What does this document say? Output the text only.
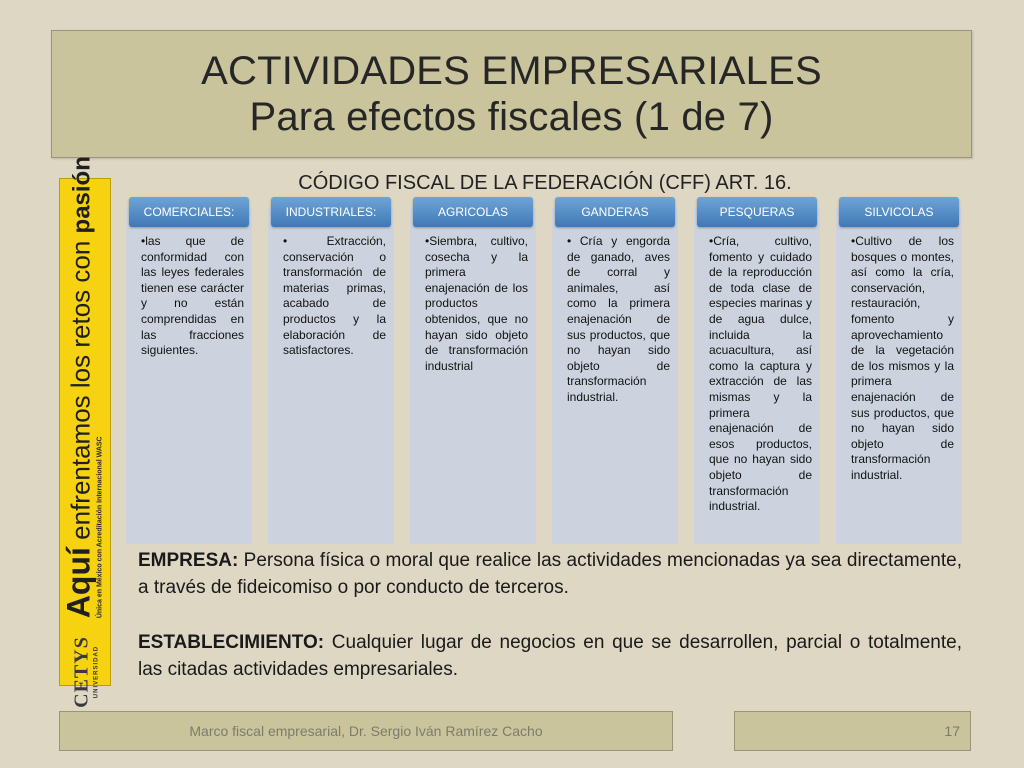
ACTIVIDADES EMPRESARIALES
Para efectos fiscales (1 de 7)
CÓDIGO FISCAL DE LA FEDERACIÓN (CFF) ART. 16.
CETYS UNIVERSIDAD
Aquí enfrentamos los retos con pasión
Única en México con Acreditación Internacional WASC
COMERCIALES:
•las que de conformidad con las leyes federales tienen ese carácter y no están comprendidas en las fracciones siguientes.
INDUSTRIALES:
• Extracción, conservación o transformación de materias primas, acabado de productos y la elaboración de satisfactores.
AGRICOLAS
•Siembra, cultivo, cosecha y la primera enajenación de los productos obtenidos, que no hayan sido objeto de transformación industrial
GANDERAS
• Cría y engorda de ganado, aves de corral y animales, así como la primera enajenación de sus productos, que no hayan sido objeto de transformación industrial.
PESQUERAS
•Cría, cultivo, fomento y cuidado de la reproducción de toda clase de especies marinas y de agua dulce, incluida la acuacultura, así como la captura y extracción de las mismas y la primera enajenación de esos productos, que no hayan sido objeto de transformación industrial.
SILVICOLAS
•Cultivo de los bosques o montes, así como la cría, conservación, restauración, fomento y aprovechamiento de la vegetación de los mismos y la primera enajenación de sus productos, que no hayan sido objeto de transformación industrial.
EMPRESA: Persona física o moral que realice las actividades mencionadas ya sea directamente, a través de fideicomiso o por conducto de terceros.
ESTABLECIMIENTO: Cualquier lugar de negocios en que se desarrollen, parcial o totalmente, las citadas actividades empresariales.
Marco fiscal empresarial, Dr. Sergio Iván Ramírez Cacho	17
